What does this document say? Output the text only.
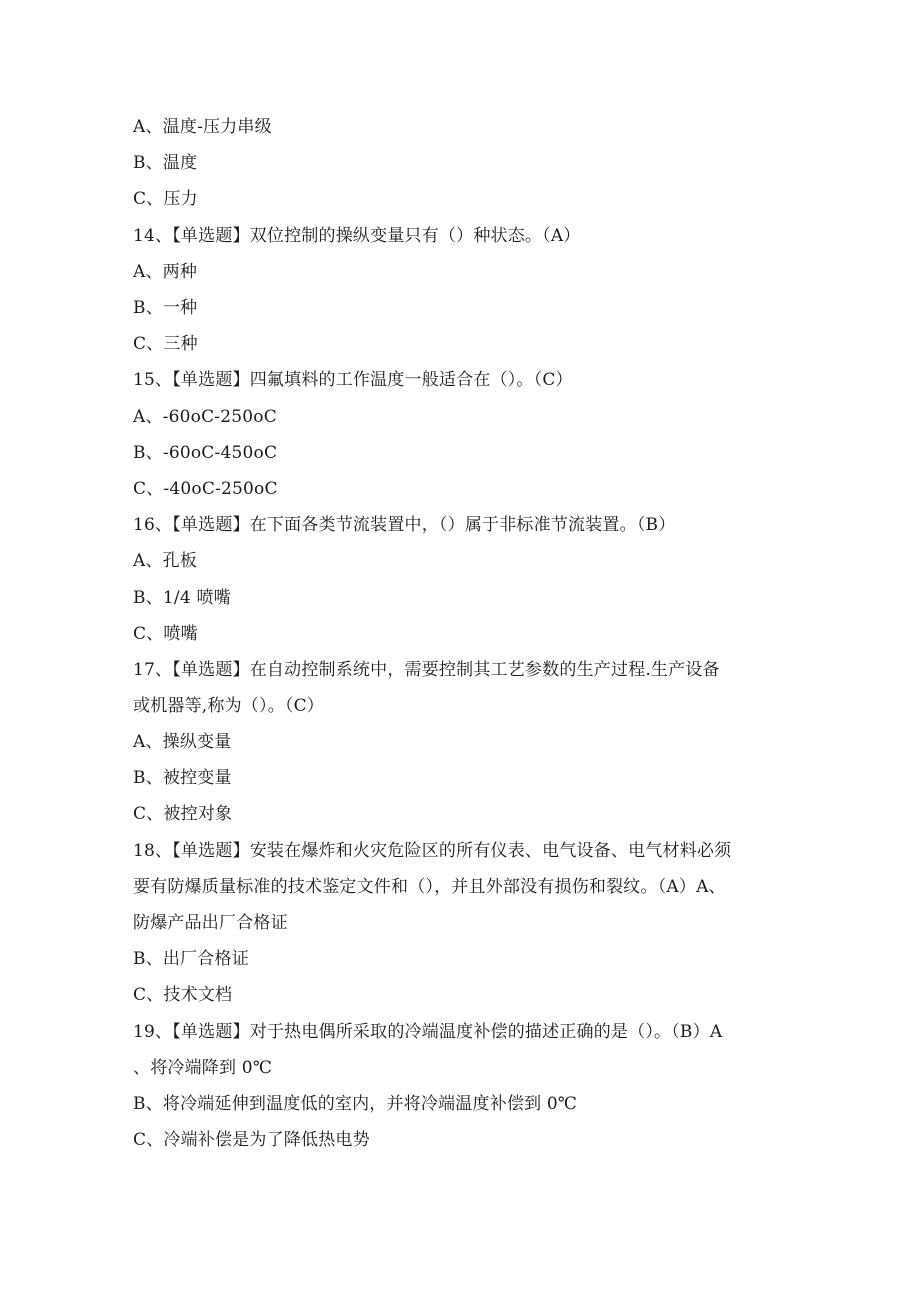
A、温度-压力串级
B、温度
C、压力
14、【单选题】双位控制的操纵变量只有（）种状态。（A）
A、两种
B、一种
C、三种
15、【单选题】四氟填料的工作温度一般适合在（）。（C）
A、-60oC-250oC
B、-60oC-450oC
C、-40oC-250oC
16、【单选题】在下面各类节流装置中，（）属于非标准节流装置。（B）
A、孔板
B、1/4 喷嘴
C、喷嘴
17、【单选题】在自动控制系统中，需要控制其工艺参数的生产过程.生产设备
或机器等,称为（）。（C）
A、操纵变量
B、被控变量
C、被控对象
18、【单选题】安装在爆炸和火灾危险区的所有仪表、电气设备、电气材料必须
要有防爆质量标准的技术鉴定文件和（），并且外部没有损伤和裂纹。（A）A、
防爆产品出厂合格证
B、出厂合格证
C、技术文档
19、【单选题】对于热电偶所采取的冷端温度补偿的描述正确的是（）。（B）A
、将冷端降到 0℃
B、将冷端延伸到温度低的室内，并将冷端温度补偿到 0℃
C、冷端补偿是为了降低热电势
